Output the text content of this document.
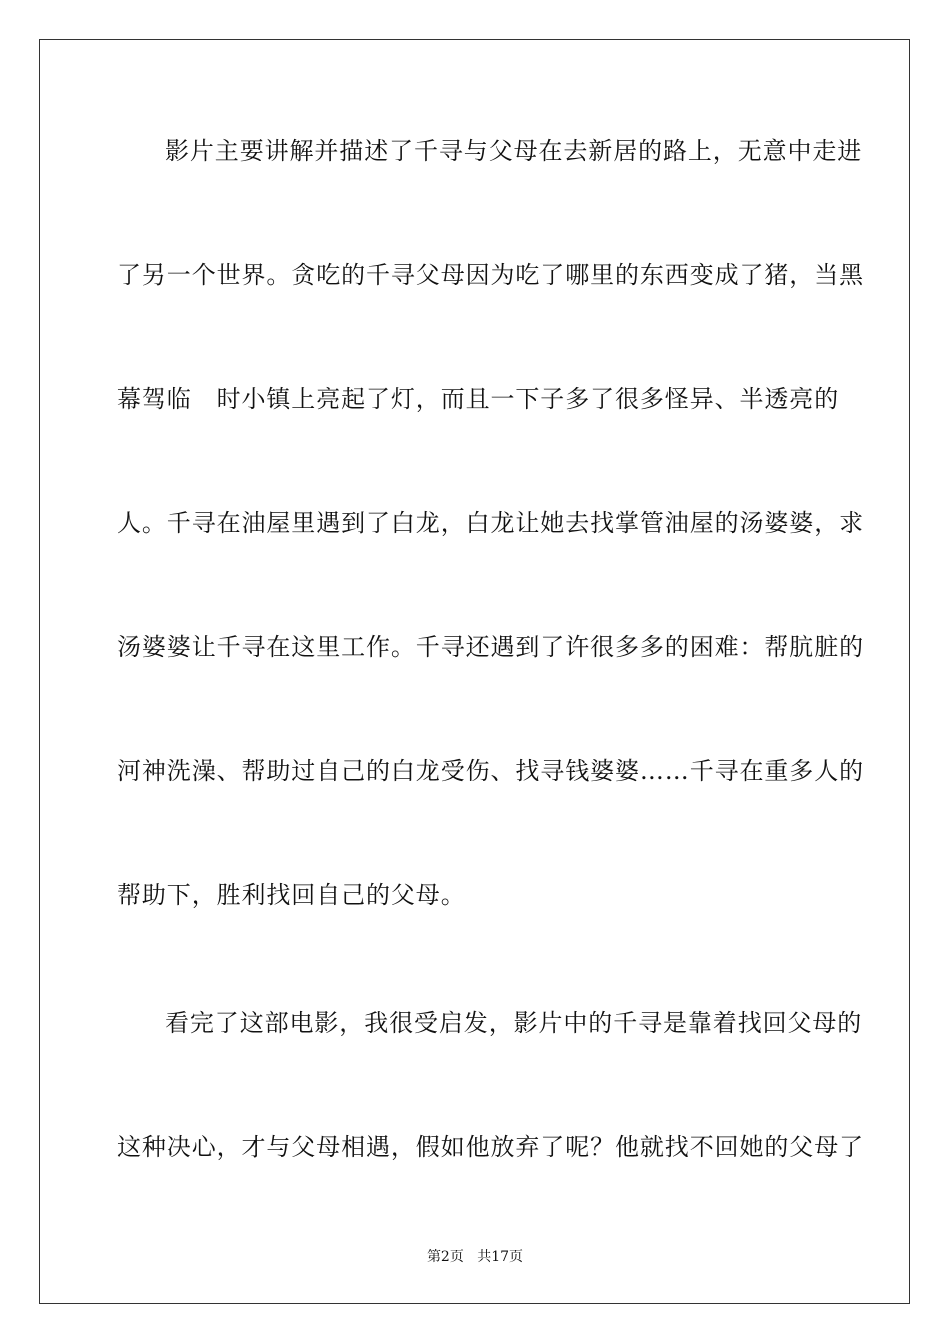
影片主要讲解并描述了千寻与父母在去新居的路上，无意中走进
了另一个世界。贪吃的千寻父母因为吃了哪里的东西变成了猪，当黑
幕驾临　时小镇上亮起了灯，而且一下子多了很多怪异、半透亮的
人。千寻在油屋里遇到了白龙，白龙让她去找掌管油屋的汤婆婆，求
汤婆婆让千寻在这里工作。千寻还遇到了许很多多的困难：帮肮脏的
河神洗澡、帮助过自己的白龙受伤、找寻钱婆婆……千寻在重多人的
帮助下，胜利找回自己的父母。
看完了这部电影，我很受启发，影片中的千寻是靠着找回父母的
这种决心，才与父母相遇，假如他放弃了呢？他就找不回她的父母了
第2页 共17页
